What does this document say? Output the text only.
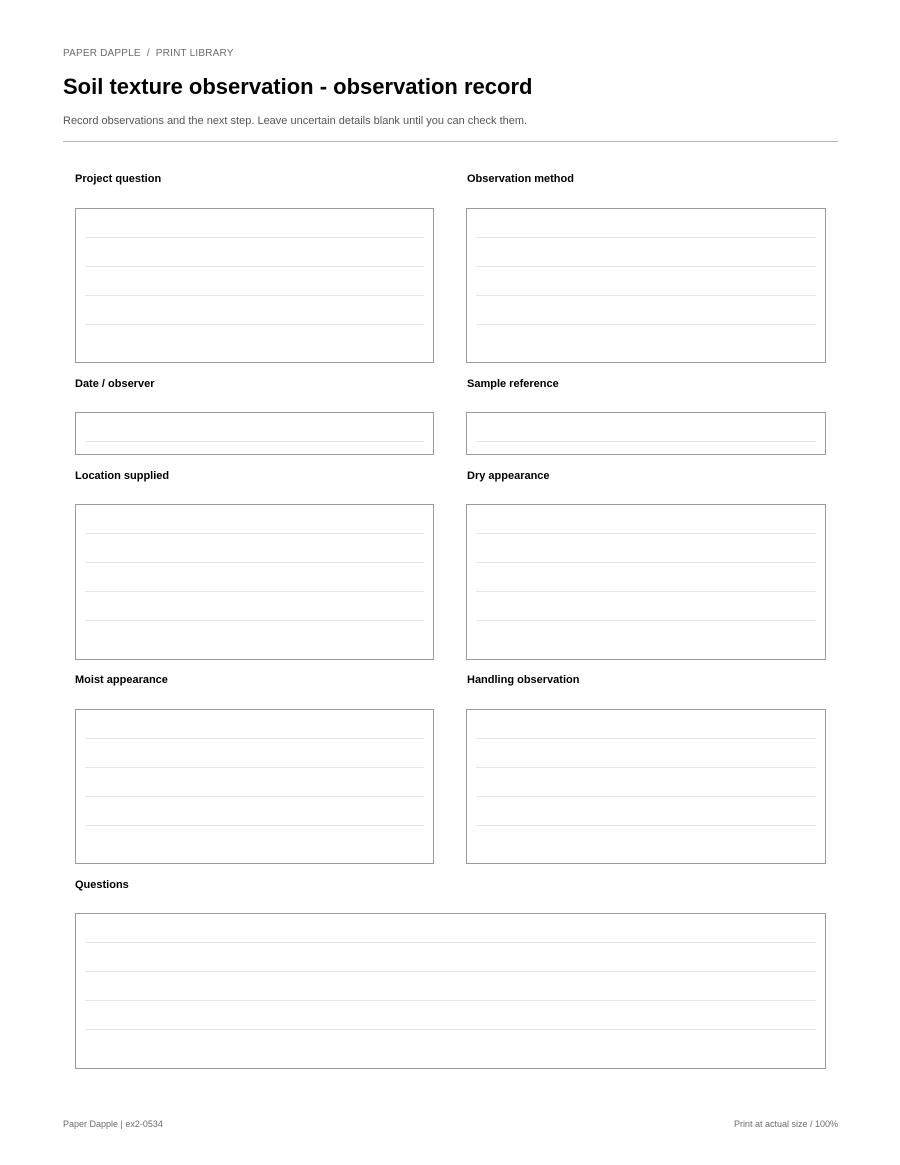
PAPER DAPPLE / PRINT LIBRARY
Soil texture observation - observation record
Record observations and the next step. Leave uncertain details blank until you can check them.
Project question	Observation method
Date / observer	Sample reference
Location supplied	Dry appearance
Moist appearance	Handling observation
Questions
Paper Dapple | ex2-0534	Print at actual size / 100%
